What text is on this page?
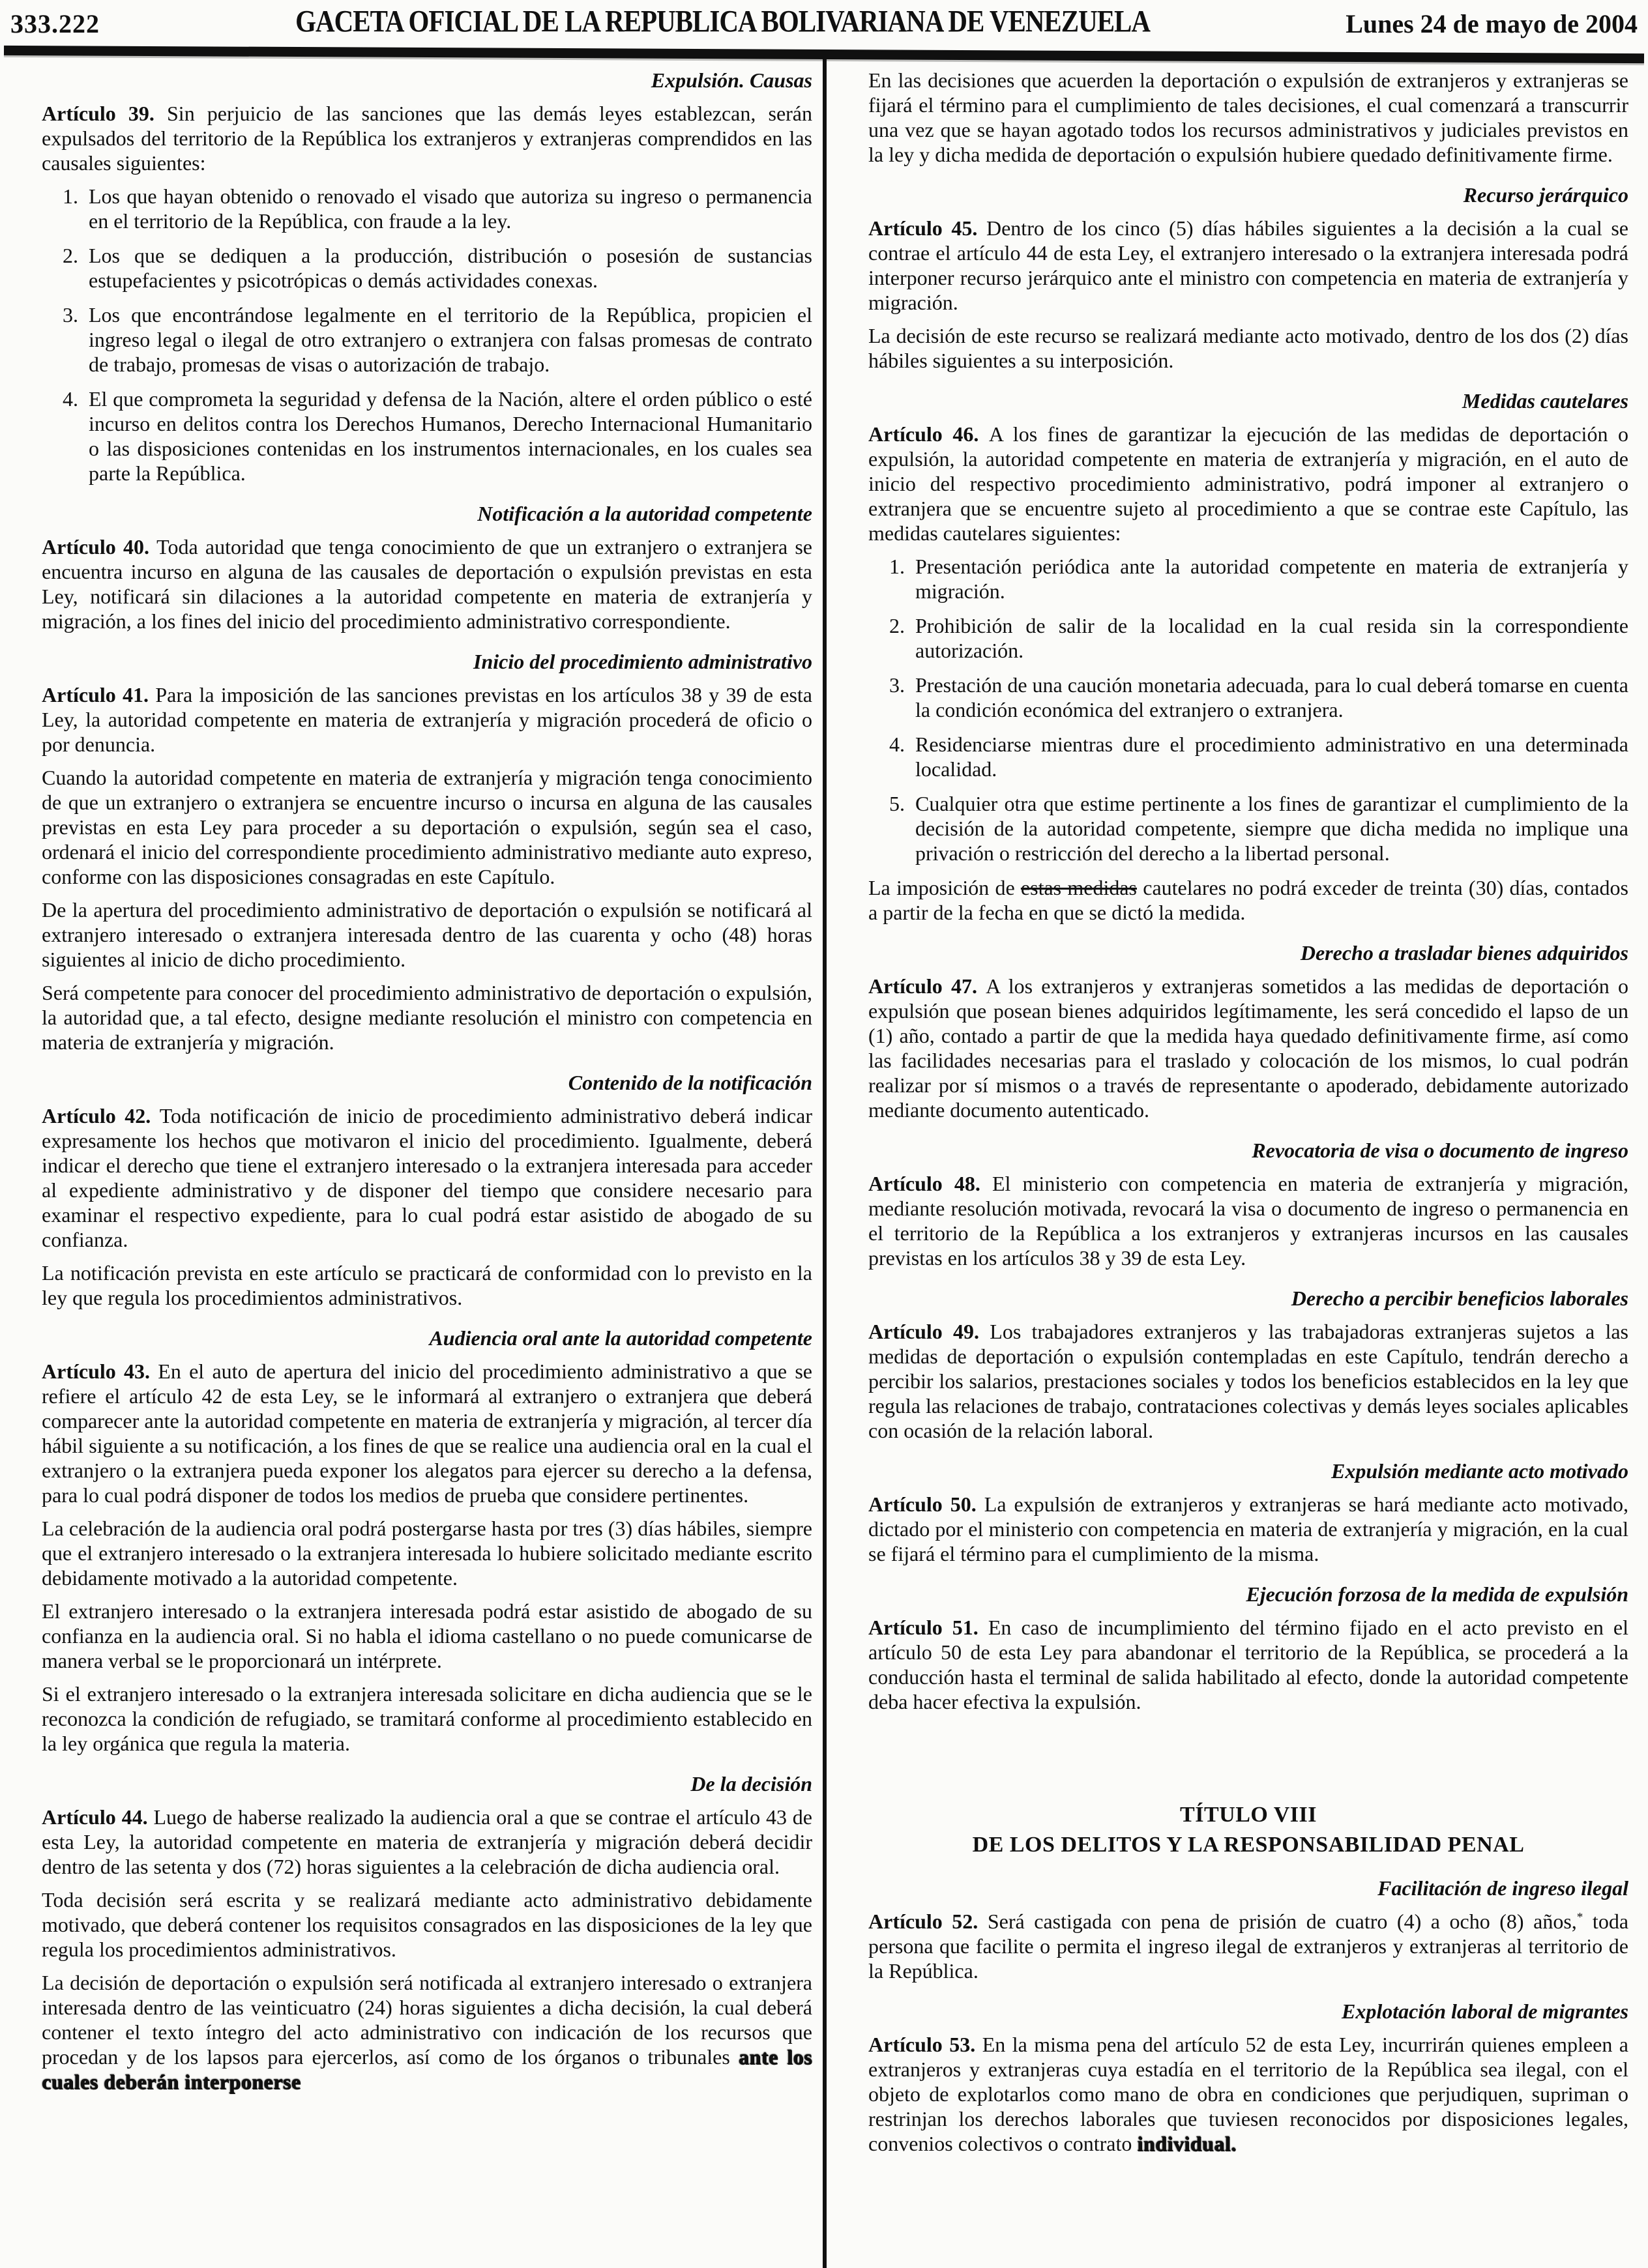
333.222	GACETA OFICIAL DE LA REPUBLICA BOLIVARIANA DE VENEZUELA	Lunes 24 de mayo de 2004
Expulsión. Causas

Artículo 39. Sin perjuicio de las sanciones que las demás leyes establezcan, serán expulsados del territorio de la República los extranjeros y extranjeras comprendidos en las causales siguientes:

1. Los que hayan obtenido o renovado el visado que autoriza su ingreso o permanencia en el territorio de la República, con fraude a la ley.
2. Los que se dediquen a la producción, distribución o posesión de sustancias estupefacientes y psicotrópicas o demás actividades conexas.
3. Los que encontrándose legalmente en el territorio de la República, propicien el ingreso legal o ilegal de otro extranjero o extranjera con falsas promesas de contrato de trabajo, promesas de visas o autorización de trabajo.
4. El que comprometa la seguridad y defensa de la Nación, altere el orden público o esté incurso en delitos contra los Derechos Humanos, Derecho Internacional Humanitario o las disposiciones contenidas en los instrumentos internacionales, en los cuales sea parte la República.
Notificación a la autoridad competente

Artículo 40. Toda autoridad que tenga conocimiento de que un extranjero o extranjera se encuentra incurso en alguna de las causales de deportación o expulsión previstas en esta Ley, notificará sin dilaciones a la autoridad competente en materia de extranjería y migración, a los fines del inicio del procedimiento administrativo correspondiente.

Inicio del procedimiento administrativo

Artículo 41. Para la imposición de las sanciones previstas en los artículos 38 y 39 de esta Ley, la autoridad competente en materia de extranjería y migración procederá de oficio o por denuncia.

Cuando la autoridad competente en materia de extranjería y migración tenga conocimiento de que un extranjero o extranjera se encuentre incurso o incursa en alguna de las causales previstas en esta Ley para proceder a su deportación o expulsión, según sea el caso, ordenará el inicio del correspondiente procedimiento administrativo mediante auto expreso, conforme con las disposiciones consagradas en este Capítulo.

De la apertura del procedimiento administrativo de deportación o expulsión se notificará al extranjero interesado o extranjera interesada dentro de las cuarenta y ocho (48) horas siguientes al inicio de dicho procedimiento.

Será competente para conocer del procedimiento administrativo de deportación o expulsión, la autoridad que, a tal efecto, designe mediante resolución el ministro con competencia en materia de extranjería y migración.

Contenido de la notificación

Artículo 42. Toda notificación de inicio de procedimiento administrativo deberá indicar expresamente los hechos que motivaron el inicio del procedimiento. Igualmente, deberá indicar el derecho que tiene el extranjero interesado o la extranjera interesada para acceder al expediente administrativo y de disponer del tiempo que considere necesario para examinar el respectivo expediente, para lo cual podrá estar asistido de abogado de su confianza.

La notificación prevista en este artículo se practicará de conformidad con lo previsto en la ley que regula los procedimientos administrativos.

Audiencia oral ante la autoridad competente

Artículo 43. En el auto de apertura del inicio del procedimiento administrativo a que se refiere el artículo 42 de esta Ley, se le informará al extranjero o extranjera que deberá comparecer ante la autoridad competente en materia de extranjería y migración, al tercer día hábil siguiente a su notificación, a los fines de que se realice una audiencia oral en la cual el extranjero o la extranjera pueda exponer los alegatos para ejercer su derecho a la defensa, para lo cual podrá disponer de todos los medios de prueba que considere pertinentes.

La celebración de la audiencia oral podrá postergarse hasta por tres (3) días hábiles, siempre que el extranjero interesado o la extranjera interesada lo hubiere solicitado mediante escrito debidamente motivado a la autoridad competente.

El extranjero interesado o la extranjera interesada podrá estar asistido de abogado de su confianza en la audiencia oral. Si no habla el idioma castellano o no puede comunicarse de manera verbal se le proporcionará un intérprete.

Si el extranjero interesado o la extranjera interesada solicitare en dicha audiencia que se le reconozca la condición de refugiado, se tramitará conforme al procedimiento establecido en la ley orgánica que regula la materia.

De la decisión

Artículo 44. Luego de haberse realizado la audiencia oral a que se contrae el artículo 43 de esta Ley, la autoridad competente en materia de extranjería y migración deberá decidir dentro de las setenta y dos (72) horas siguientes a la celebración de dicha audiencia oral.

Toda decisión será escrita y se realizará mediante acto administrativo debidamente motivado, que deberá contener los requisitos consagrados en las disposiciones de la ley que regula los procedimientos administrativos.

La decisión de deportación o expulsión será notificada al extranjero interesado o extranjera interesada dentro de las veinticuatro (24) horas siguientes a dicha decisión, la cual deberá contener el texto íntegro del acto administrativo con indicación de los recursos que procedan y de los lapsos para ejercerlos, así como de los órganos o tribunales ante los cuales deberán interponerse

En las decisiones que acuerden la deportación o expulsión de extranjeros y extranjeras se fijará el término para el cumplimiento de tales decisiones, el cual comenzará a transcurrir una vez que se hayan agotado todos los recursos administrativos y judiciales previstos en la ley y dicha medida de deportación o expulsión hubiere quedado definitivamente firme.

Recurso jerárquico

Artículo 45. Dentro de los cinco (5) días hábiles siguientes a la decisión a la cual se contrae el artículo 44 de esta Ley, el extranjero interesado o la extranjera interesada podrá interponer recurso jerárquico ante el ministro con competencia en materia de extranjería y migración.

La decisión de este recurso se realizará mediante acto motivado, dentro de los dos (2) días hábiles siguientes a su interposición.

Medidas cautelares

Artículo 46. A los fines de garantizar la ejecución de las medidas de deportación o expulsión, la autoridad competente en materia de extranjería y migración, en el auto de inicio del respectivo procedimiento administrativo, podrá imponer al extranjero o extranjera que se encuentre sujeto al procedimiento a que se contrae este Capítulo, las medidas cautelares siguientes:

1. Presentación periódica ante la autoridad competente en materia de extranjería y migración.
2. Prohibición de salir de la localidad en la cual resida sin la correspondiente autorización.
3. Prestación de una caución monetaria adecuada, para lo cual deberá tomarse en cuenta la condición económica del extranjero o extranjera.
4. Residenciarse mientras dure el procedimiento administrativo en una determinada localidad.
5. Cualquier otra que estime pertinente a los fines de garantizar el cumplimiento de la decisión de la autoridad competente, siempre que dicha medida no implique una privación o restricción del derecho a la libertad personal.

La imposición de estas medidas cautelares no podrá exceder de treinta (30) días, contados a partir de la fecha en que se dictó la medida.

Derecho a trasladar bienes adquiridos

Artículo 47. A los extranjeros y extranjeras sometidos a las medidas de deportación o expulsión que posean bienes adquiridos legítimamente, les será concedido el lapso de un (1) año, contado a partir de que la medida haya quedado definitivamente firme, así como las facilidades necesarias para el traslado y colocación de los mismos, lo cual podrán realizar por sí mismos o a través de representante o apoderado, debidamente autorizado mediante documento autenticado.

Revocatoria de visa o documento de ingreso

Artículo 48. El ministerio con competencia en materia de extranjería y migración, mediante resolución motivada, revocará la visa o documento de ingreso o permanencia en el territorio de la República a los extranjeros y extranjeras incursos en las causales previstas en los artículos 38 y 39 de esta Ley.

Derecho a percibir beneficios laborales

Artículo 49. Los trabajadores extranjeros y las trabajadoras extranjeras sujetos a las medidas de deportación o expulsión contempladas en este Capítulo, tendrán derecho a percibir los salarios, prestaciones sociales y todos los beneficios establecidos en la ley que regula las relaciones de trabajo, contrataciones colectivas y demás leyes sociales aplicables con ocasión de la relación laboral.

Expulsión mediante acto motivado

Artículo 50. La expulsión de extranjeros y extranjeras se hará mediante acto motivado, dictado por el ministerio con competencia en materia de extranjería y migración, en la cual se fijará el término para el cumplimiento de la misma.

Ejecución forzosa de la medida de expulsión

Artículo 51. En caso de incumplimiento del término fijado en el acto previsto en el artículo 50 de esta Ley para abandonar el territorio de la República, se procederá a la conducción hasta el terminal de salida habilitado al efecto, donde la autoridad competente deba hacer efectiva la expulsión.

TÍTULO VIII
DE LOS DELITOS Y LA RESPONSABILIDAD PENAL
Facilitación de ingreso ilegal

Artículo 52. Será castigada con pena de prisión de cuatro (4) a ocho (8) años,* toda persona que facilite o permita el ingreso ilegal de extranjeros y extranjeras al territorio de la República.

Explotación laboral de migrantes

Artículo 53. En la misma pena del artículo 52 de esta Ley, incurrirán quienes empleen a extranjeros y extranjeras cuya estadía en el territorio de la República sea ilegal, con el objeto de explotarlos como mano de obra en condiciones que perjudiquen, supriman o restrinjan los derechos laborales que tuviesen reconocidos por disposiciones legales, convenios colectivos o contrato individual.
